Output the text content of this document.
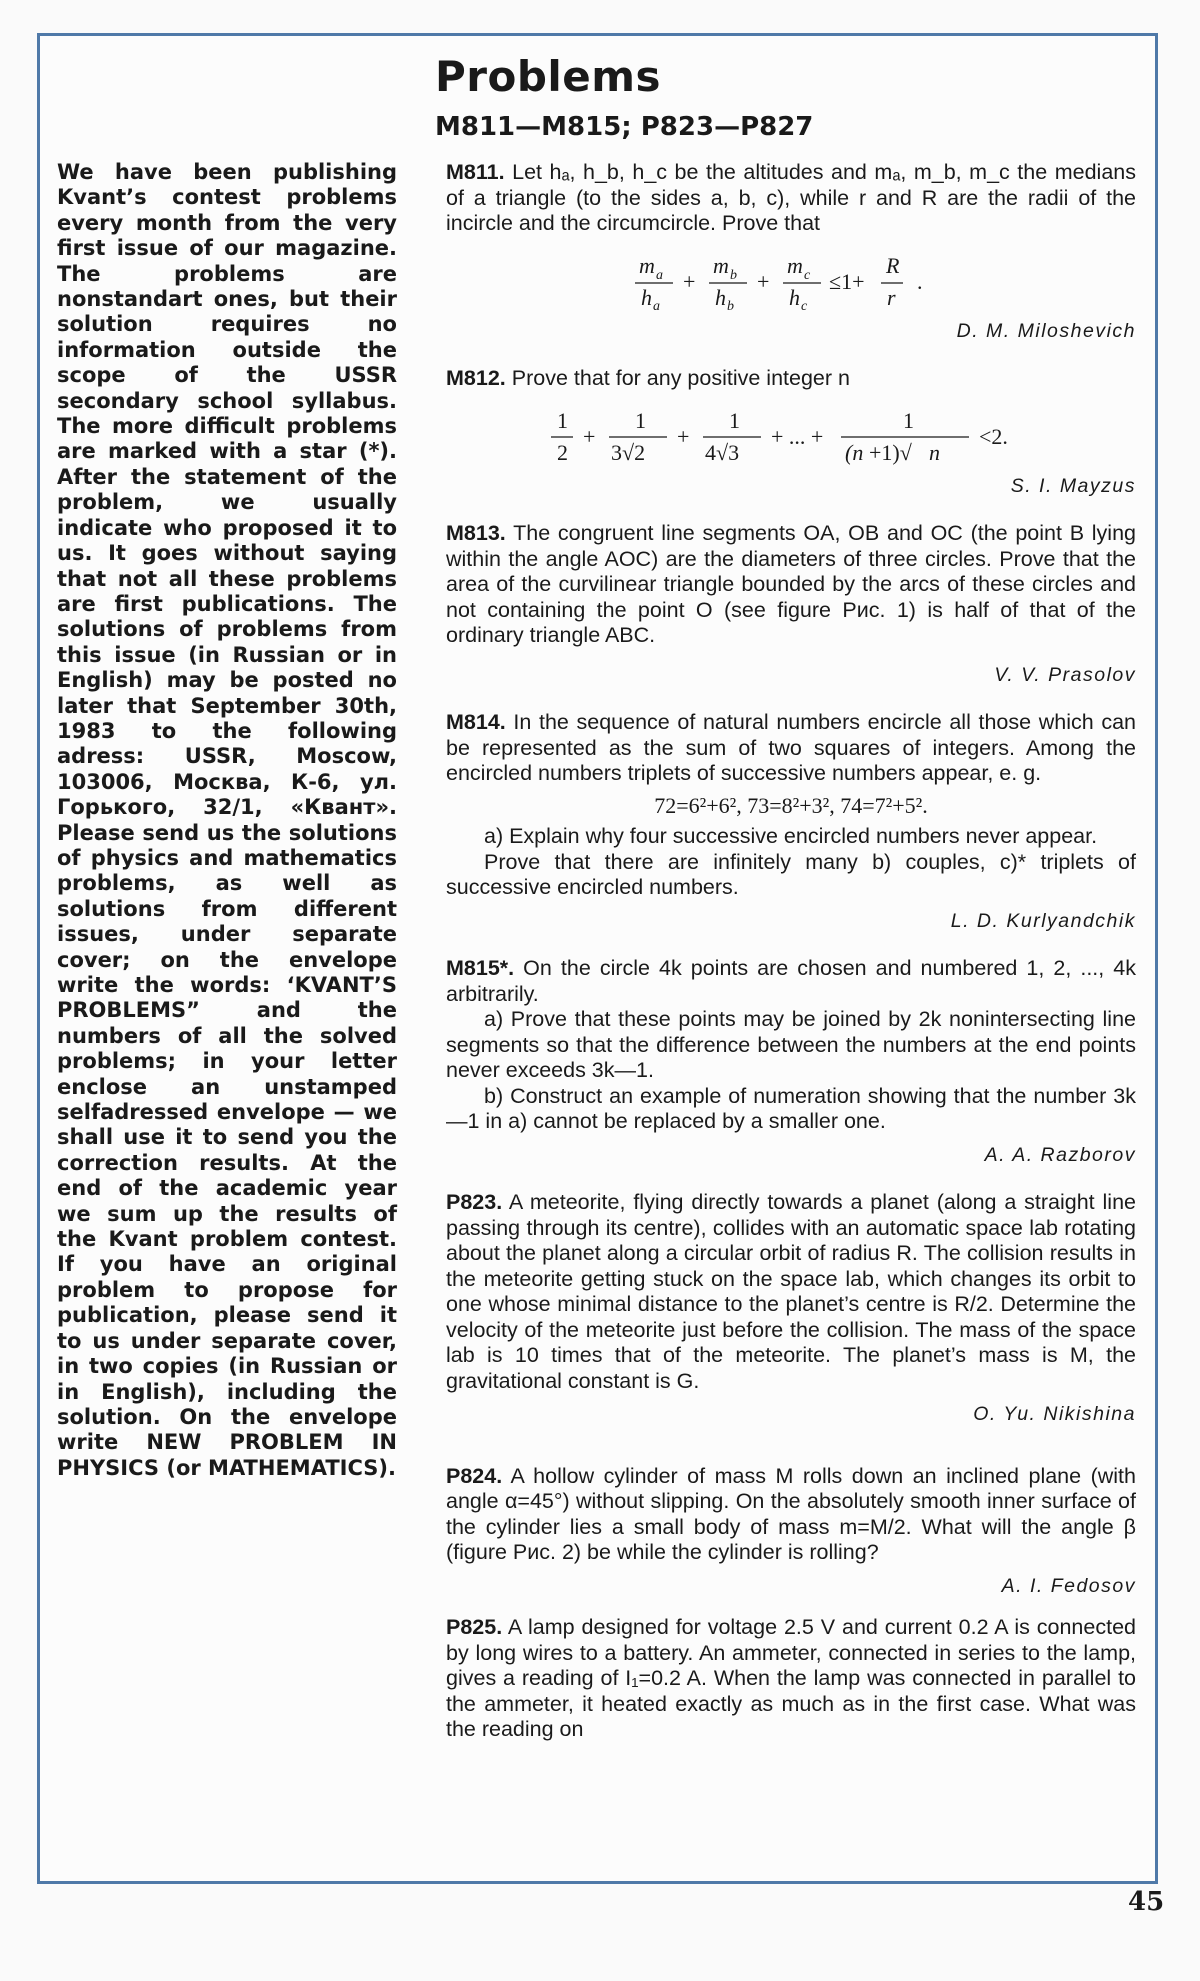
Problems
M811—M815; P823—P827

We have been publishing Kvant’s contest problems every month from the very first issue of our magazine. The problems are nonstandart ones, but their solution requires no information outside the scope of the USSR secondary school syllabus. The more difficult problems are marked with a star (*). After the statement of the problem, we usually indicate who proposed it to us. It goes without saying that not all these problems are first publications. The solutions of problems from this issue (in Russian or in English) may be posted no later that September 30th, 1983 to the following adress: USSR, Moscow, 103006, Москва, К-6, ул. Горького, 32/1, «Квант». Please send us the solutions of physics and mathematics problems, as well as solutions from different issues, under separate cover; on the envelope write the words: ‘KVANT’S PROBLEMS” and the numbers of all the solved problems; in your letter enclose an unstamped selfadressed envelope — we shall use it to send you the correction results. At the end of the academic year we sum up the results of the Kvant problem contest. If you have an original problem to propose for publication, please send it to us under separate cover, in two copies (in Russian or in English), including the solution. On the envelope write NEW PROBLEM IN PHYSICS (or MATHEMATICS).

M811. Let hₐ, h_b, h_c be the altitudes and mₐ, m_b, m_c the medians of a triangle (to the sides a, b, c), while r and R are the radii of the incircle and the circumcircle. Prove that

m a
h a
+
m b
h b
+
m c
h c
≤1+
R
r
.
D. M. Miloshevich

M812. Prove that for any positive integer n

1
2
+
1
3√2
+
1
4√3
+ ... +
1
(n +1)√ n
<2.
S. I. Mayzus

M813. The congruent line segments OA, OB and OC (the point B lying within the angle AOC) are the diameters of three circles. Prove that the area of the curvilinear triangle bounded by the arcs of these circles and not containing the point O (see figure Рис. 1) is half of that of the ordinary triangle ABC.

V. V. Prasolov

M814. In the sequence of natural numbers encircle all those which can be represented as the sum of two squares of integers. Among the encircled numbers triplets of successive numbers appear, e. g.

72=6²+6², 73=8²+3², 74=7²+5².

a) Explain why four successive encircled numbers never appear.

Prove that there are infinitely many b) couples, c)* triplets of successive encircled numbers.

L. D. Kurlyandchik

M815*. On the circle 4k points are chosen and numbered 1, 2, ..., 4k arbitrarily.

a) Prove that these points may be joined by 2k nonintersecting line segments so that the difference between the numbers at the end points never exceeds 3k—1.

b) Construct an example of numeration showing that the number 3k—1 in a) cannot be replaced by a smaller one.

A. A. Razborov

P823. A meteorite, flying directly towards a planet (along a straight line passing through its centre), collides with an automatic space lab rotating about the planet along a circular orbit of radius R. The collision results in the meteorite getting stuck on the space lab, which changes its orbit to one whose minimal distance to the planet’s centre is R/2. Determine the velocity of the meteorite just before the collision. The mass of the space lab is 10 times that of the meteorite. The planet’s mass is M, the gravitational constant is G.

O. Yu. Nikishina

P824. A hollow cylinder of mass M rolls down an inclined plane (with angle α=45°) without slipping. On the absolutely smooth inner surface of the cylinder lies a small body of mass m=M/2. What will the angle β (figure Рис. 2) be while the cylinder is rolling?

A. I. Fedosov

P825. A lamp designed for voltage 2.5 V and current 0.2 A is connected by long wires to a battery. An ammeter, connected in series to the lamp, gives a reading of I₁=0.2 A. When the lamp was connected in parallel to the ammeter, it heated exactly as much as in the first case. What was the reading on

45
